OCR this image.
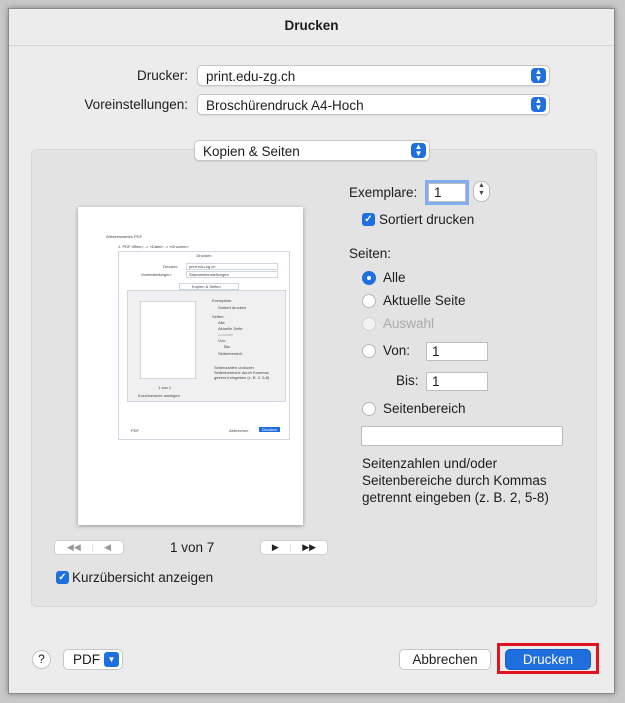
Drucken
Drucker:	print.edu-zg.ch	▲
▼
Voreinstellungen:	Broschürendruck A4-Hoch	▲
▼
Kopien & Seiten	▲
▼
Wissenswertes PDF
1. PDF öffnen, -> «Datei» -> «Drucken»
Drucken
Drucker:	print.edu-zg.ch
Voreinstellungen:	Standardeinstellungen
Kopien & Seiten
Exemplare:
Sortiert drucken
Seiten:
Alle
Aktuelle Seite
Auswahl
Von:
Bis:
Seitenbereich
Seitenzahlen und/oder
Seitenbereiche durch Kommas
getrennt eingeben (z. B. 2, 5-8)
1 von 1
Kurzübersicht anzeigen
PDF	Abbrechen	Drucken
◀◀ | ◀	1 von 7	▶ | ▶▶
✓ Kurzübersicht anzeigen
Exemplare:	1	▲
▼
✓ Sortiert drucken
Seiten:
Alle
Aktuelle Seite
Auswahl
Von:	1
Bis: 1
Seitenbereich
Seitenzahlen und/oder
Seitenbereiche durch Kommas
getrennt eingeben (z. B. 2, 5-8)
?	PDF ▼	Abbrechen	Drucken
